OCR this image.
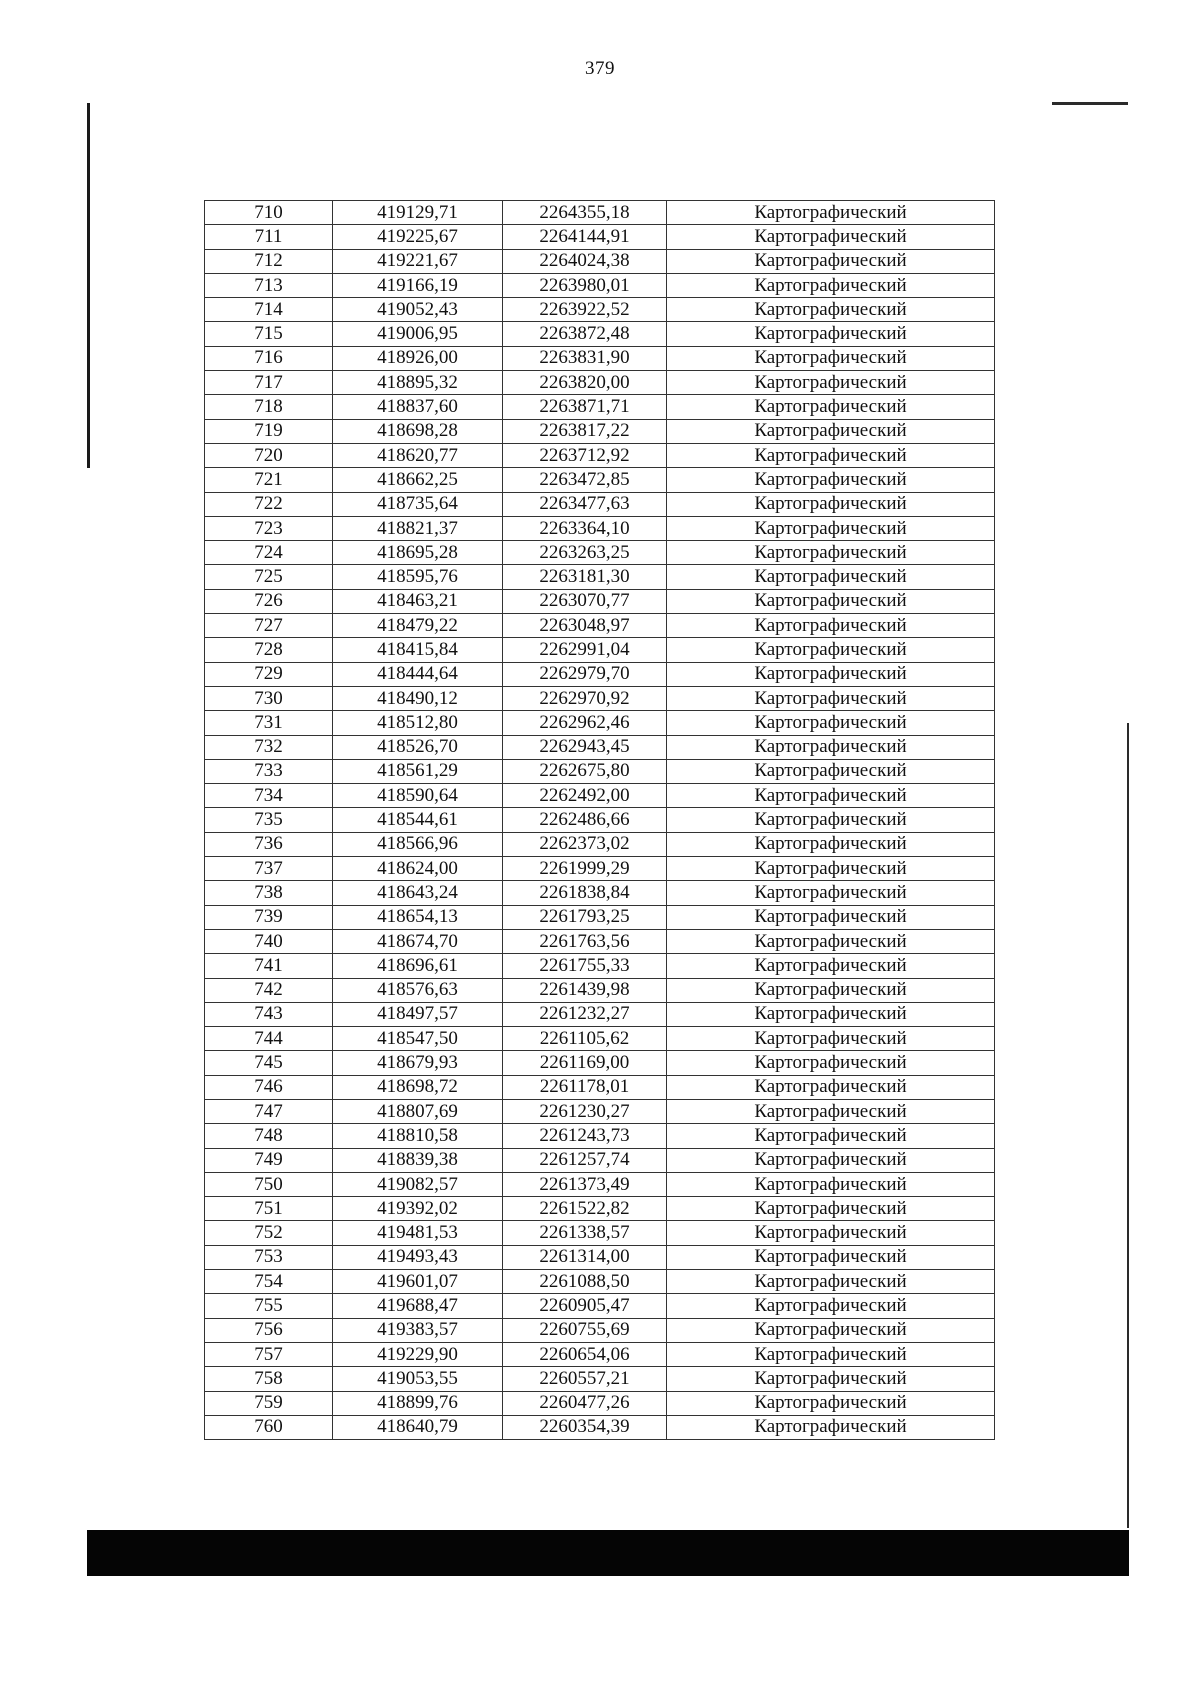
379
710	419129,71	2264355,18	Картографический
711	419225,67	2264144,91	Картографический
712	419221,67	2264024,38	Картографический
713	419166,19	2263980,01	Картографический
714	419052,43	2263922,52	Картографический
715	419006,95	2263872,48	Картографический
716	418926,00	2263831,90	Картографический
717	418895,32	2263820,00	Картографический
718	418837,60	2263871,71	Картографический
719	418698,28	2263817,22	Картографический
720	418620,77	2263712,92	Картографический
721	418662,25	2263472,85	Картографический
722	418735,64	2263477,63	Картографический
723	418821,37	2263364,10	Картографический
724	418695,28	2263263,25	Картографический
725	418595,76	2263181,30	Картографический
726	418463,21	2263070,77	Картографический
727	418479,22	2263048,97	Картографический
728	418415,84	2262991,04	Картографический
729	418444,64	2262979,70	Картографический
730	418490,12	2262970,92	Картографический
731	418512,80	2262962,46	Картографический
732	418526,70	2262943,45	Картографический
733	418561,29	2262675,80	Картографический
734	418590,64	2262492,00	Картографический
735	418544,61	2262486,66	Картографический
736	418566,96	2262373,02	Картографический
737	418624,00	2261999,29	Картографический
738	418643,24	2261838,84	Картографический
739	418654,13	2261793,25	Картографический
740	418674,70	2261763,56	Картографический
741	418696,61	2261755,33	Картографический
742	418576,63	2261439,98	Картографический
743	418497,57	2261232,27	Картографический
744	418547,50	2261105,62	Картографический
745	418679,93	2261169,00	Картографический
746	418698,72	2261178,01	Картографический
747	418807,69	2261230,27	Картографический
748	418810,58	2261243,73	Картографический
749	418839,38	2261257,74	Картографический
750	419082,57	2261373,49	Картографический
751	419392,02	2261522,82	Картографический
752	419481,53	2261338,57	Картографический
753	419493,43	2261314,00	Картографический
754	419601,07	2261088,50	Картографический
755	419688,47	2260905,47	Картографический
756	419383,57	2260755,69	Картографический
757	419229,90	2260654,06	Картографический
758	419053,55	2260557,21	Картографический
759	418899,76	2260477,26	Картографический
760	418640,79	2260354,39	Картографический
